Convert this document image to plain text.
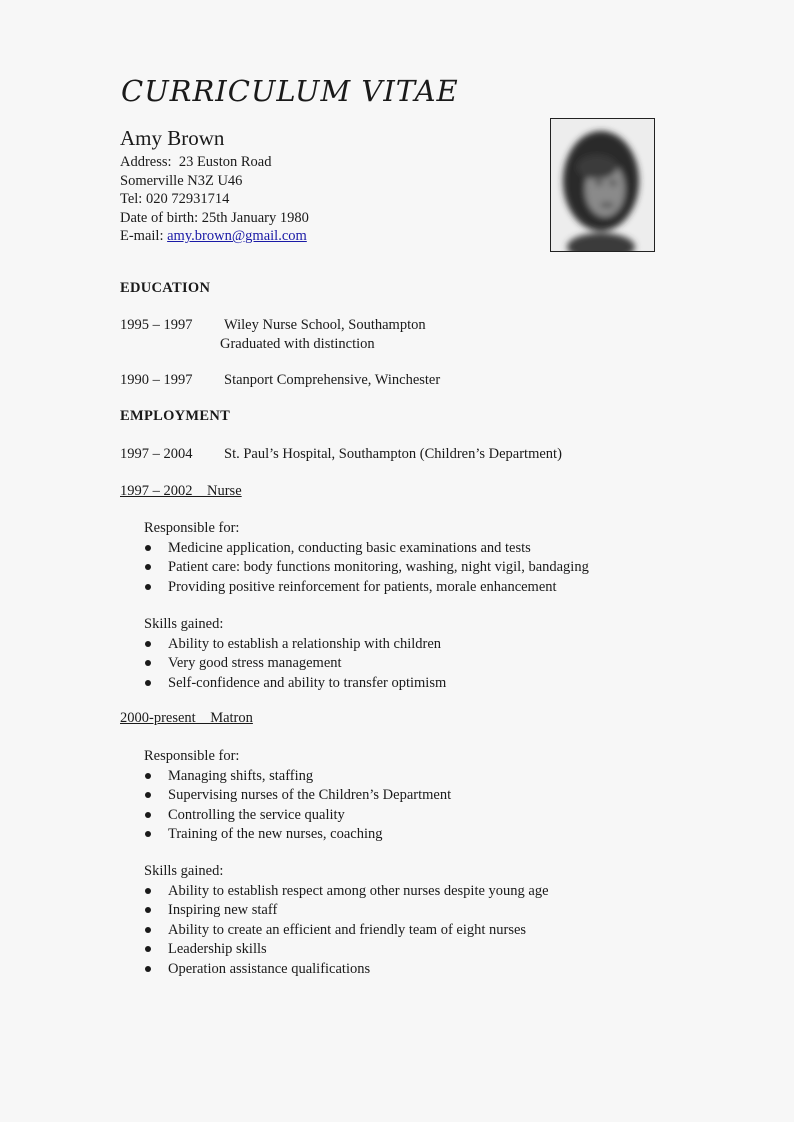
CURRICULUM VITAE
Amy Brown
Address: 23 Euston Road
Somerville N3Z U46
Tel: 020 72931714
Date of birth: 25th January 1980
E-mail: amy.brown@gmail.com
EDUCATION
1995 – 1997 Wiley Nurse School, Southampton
Graduated with distinction
1990 – 1997 Stanport Comprehensive, Winchester
EMPLOYMENT
1997 – 2004 St. Paul’s Hospital, Southampton (Children’s Department)
1997 – 2002    Nurse
Responsible for:
Medicine application, conducting basic examinations and tests
Patient care: body functions monitoring, washing, night vigil, bandaging
Providing positive reinforcement for patients, morale enhancement
Skills gained:
Ability to establish a relationship with children
Very good stress management
Self-confidence and ability to transfer optimism
2000-present    Matron
Responsible for:
Managing shifts, staffing
Supervising nurses of the Children’s Department
Controlling the service quality
Training of the new nurses, coaching
Skills gained:
Ability to establish respect among other nurses despite young age
Inspiring new staff
Ability to create an efficient and friendly team of eight nurses
Leadership skills
Operation assistance qualifications
